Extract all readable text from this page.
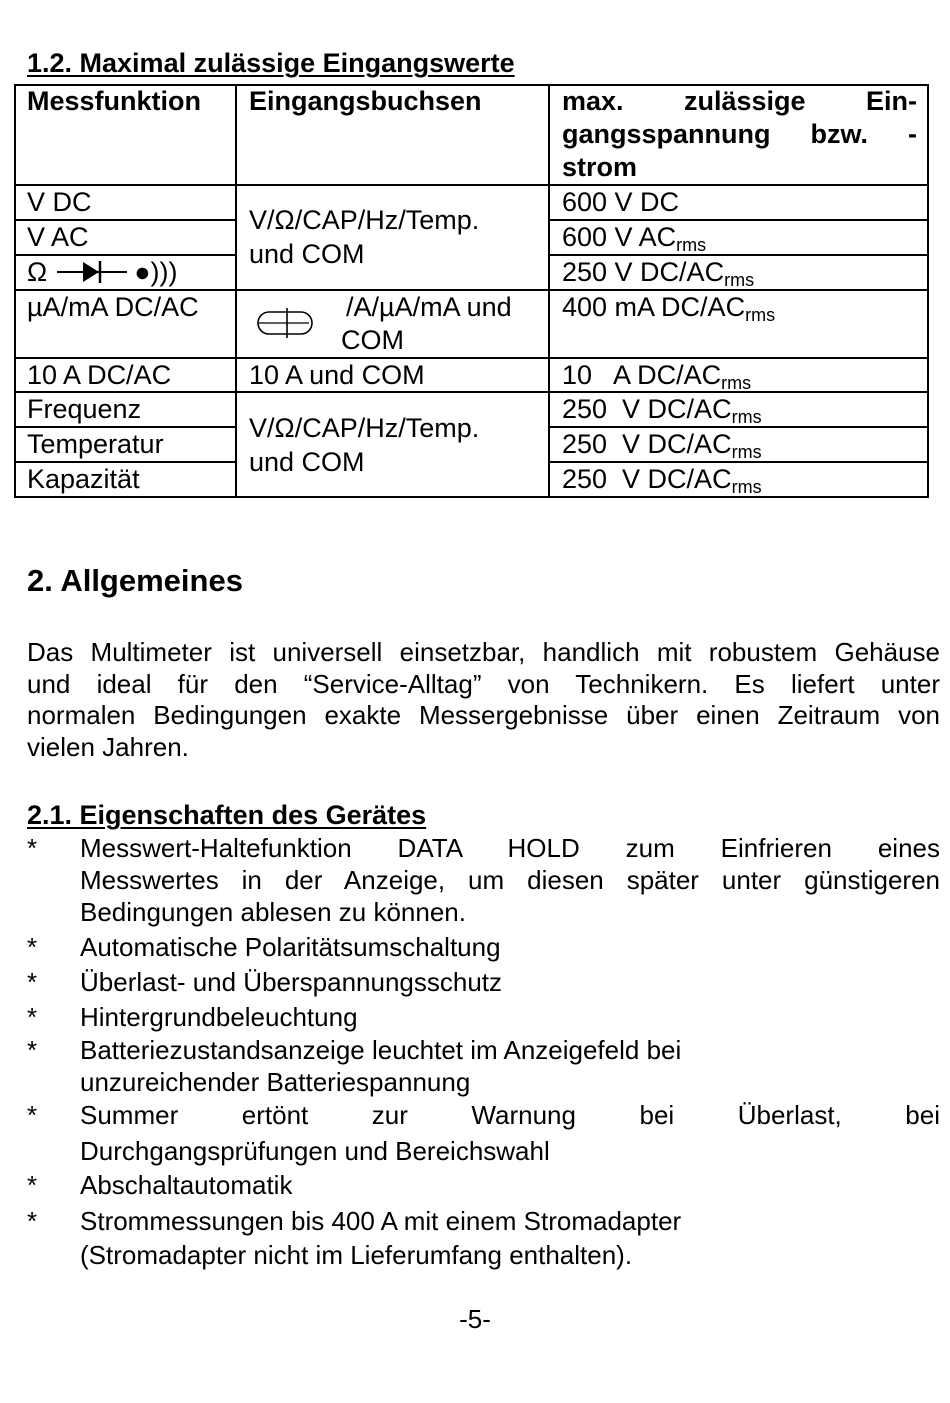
1.2. Maximal zulässige Eingangswerte
Messfunktion Eingangsbuchsen	max. zulässige Ein-
gangsspannung bzw. -
strom
V DC
V AC
Ω	●)))
µA/mA DC/AC
10 A DC/AC
Frequenz
Temperatur
Kapazität
V/Ω/CAP/Hz/Temp.
und COM
/A/µA/mA und
COM
10 A und COM
V/Ω/CAP/Hz/Temp.
und COM
600 V DC
600 V $AC_{rms}$
250 V $DC/AC_{rms}$
400 mA $DC/AC_{rms}$
10   A $DC/AC_{rms}$
250  V $DC/AC_{rms}$
250  V $DC/AC_{rms}$
250  V $DC/AC_{rms}$
2. Allgemeines
Das Multimeter ist universell einsetzbar, handlich mit robustem Gehäuse
und ideal für den “Service-Alltag” von Technikern. Es liefert unter
normalen Bedingungen exakte Messergebnisse über einen Zeitraum von
vielen Jahren.
2.1. Eigenschaften des Gerätes
* Messwert-Haltefunktion DATA HOLD zum Einfrieren eines
Messwertes in der Anzeige, um diesen später unter günstigeren
Bedingungen ablesen zu können.
* Automatische Polaritätsumschaltung
* Überlast- und Überspannungsschutz
* Hintergrundbeleuchtung
* Batteriezustandsanzeige leuchtet im Anzeigefeld bei
unzureichender Batteriespannung
* Summer ertönt zur Warnung bei Überlast, bei
Durchgangsprüfungen und Bereichswahl
* Abschaltautomatik
* Strommessungen bis 400 A mit einem Stromadapter
(Stromadapter nicht im Lieferumfang enthalten).
-5-
